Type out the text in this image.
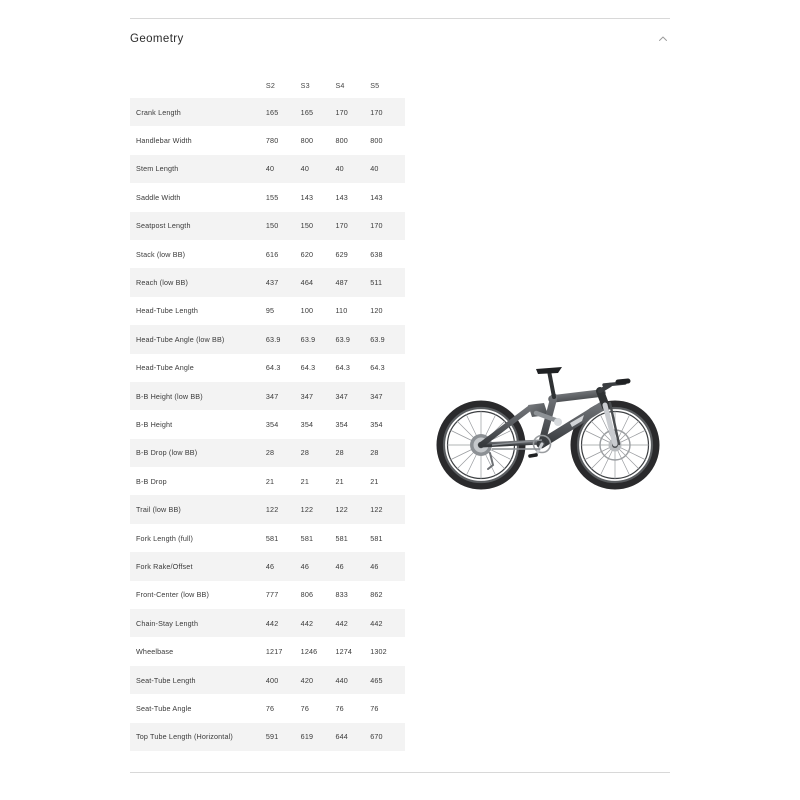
Geometry
	S2	S3	S4	S5
Crank Length	165	165	170	170
Handlebar Width	780	800	800	800
Stem Length	40	40	40	40
Saddle Width	155	143	143	143
Seatpost Length	150	150	170	170
Stack (low BB)	616	620	629	638
Reach (low BB)	437	464	487	511
Head-Tube Length	95	100	110	120
Head-Tube Angle (low BB)	63.9	63.9	63.9	63.9
Head-Tube Angle	64.3	64.3	64.3	64.3
B-B Height (low BB)	347	347	347	347
B-B Height	354	354	354	354
B-B Drop (low BB)	28	28	28	28
B-B Drop	21	21	21	21
Trail (low BB)	122	122	122	122
Fork Length (full)	581	581	581	581
Fork Rake/Offset	46	46	46	46
Front-Center (low BB)	777	806	833	862
Chain-Stay Length	442	442	442	442
Wheelbase	1217	1246	1274	1302
Seat-Tube Length	400	420	440	465
Seat-Tube Angle	76	76	76	76
Top Tube Length (Horizontal)	591	619	644	670
